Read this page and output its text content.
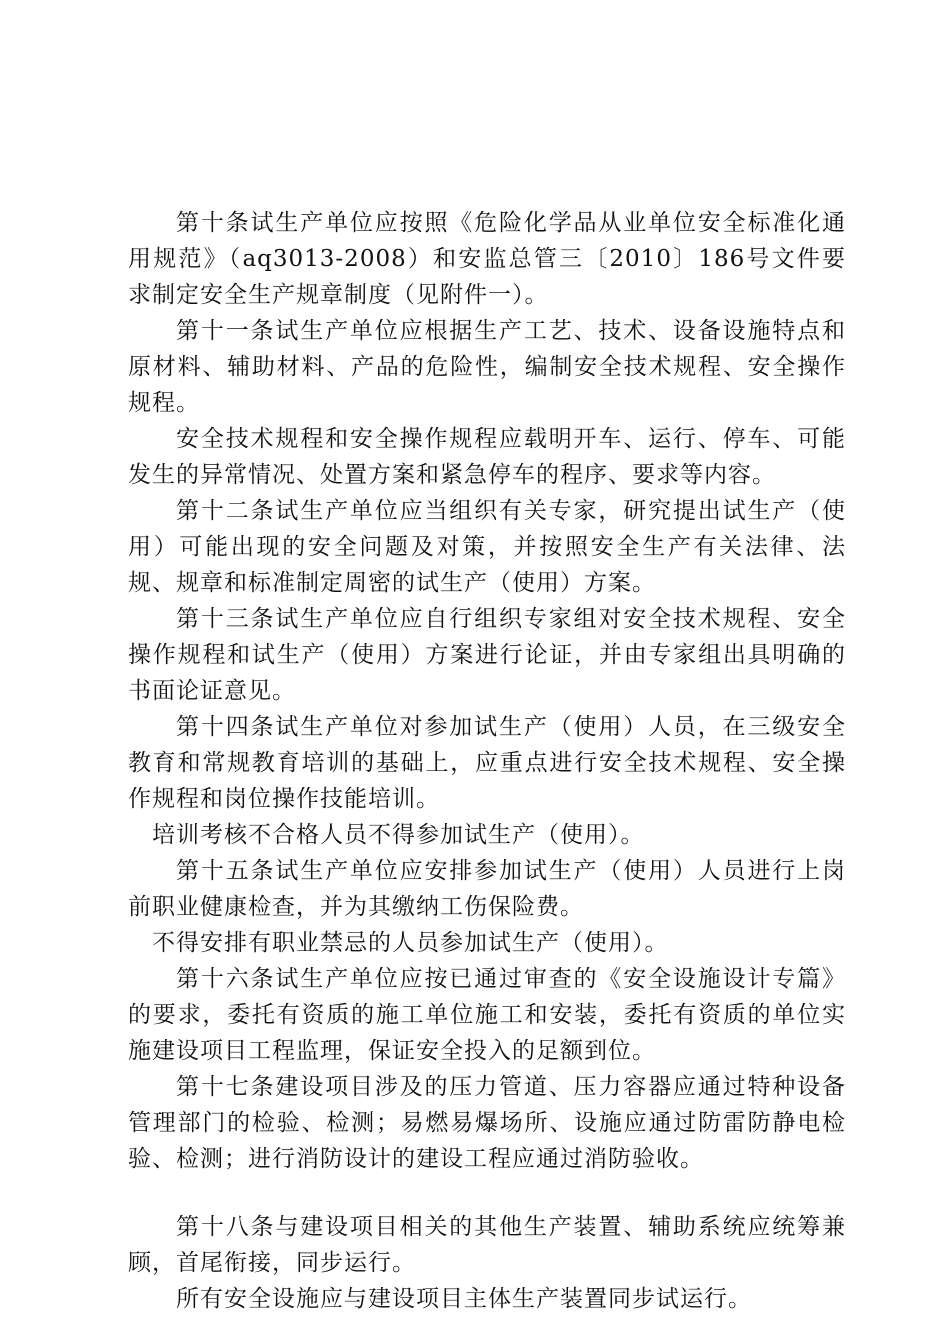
第十条试生产单位应按照《危险化学品从业单位安全标准化通用规范》（aq3013-2008）和安监总管三〔2010〕186号文件要求制定安全生产规章制度（见附件一）。

第十一条试生产单位应根据生产工艺、技术、设备设施特点和原材料、辅助材料、产品的危险性，编制安全技术规程、安全操作规程。

安全技术规程和安全操作规程应载明开车、运行、停车、可能发生的异常情况、处置方案和紧急停车的程序、要求等内容。

第十二条试生产单位应当组织有关专家，研究提出试生产（使用）可能出现的安全问题及对策，并按照安全生产有关法律、法规、规章和标准制定周密的试生产（使用）方案。

第十三条试生产单位应自行组织专家组对安全技术规程、安全操作规程和试生产（使用）方案进行论证，并由专家组出具明确的书面论证意见。

第十四条试生产单位对参加试生产（使用）人员，在三级安全教育和常规教育培训的基础上，应重点进行安全技术规程、安全操作规程和岗位操作技能培训。

培训考核不合格人员不得参加试生产（使用）。

第十五条试生产单位应安排参加试生产（使用）人员进行上岗前职业健康检查，并为其缴纳工伤保险费。

不得安排有职业禁忌的人员参加试生产（使用）。

第十六条试生产单位应按已通过审查的《安全设施设计专篇》的要求，委托有资质的施工单位施工和安装，委托有资质的单位实施建设项目工程监理，保证安全投入的足额到位。

第十七条建设项目涉及的压力管道、压力容器应通过特种设备管理部门的检验、检测；易燃易爆场所、设施应通过防雷防静电检验、检测；进行消防设计的建设工程应通过消防验收。

第十八条与建设项目相关的其他生产装置、辅助系统应统筹兼顾，首尾衔接，同步运行。

所有安全设施应与建设项目主体生产装置同步试运行。
